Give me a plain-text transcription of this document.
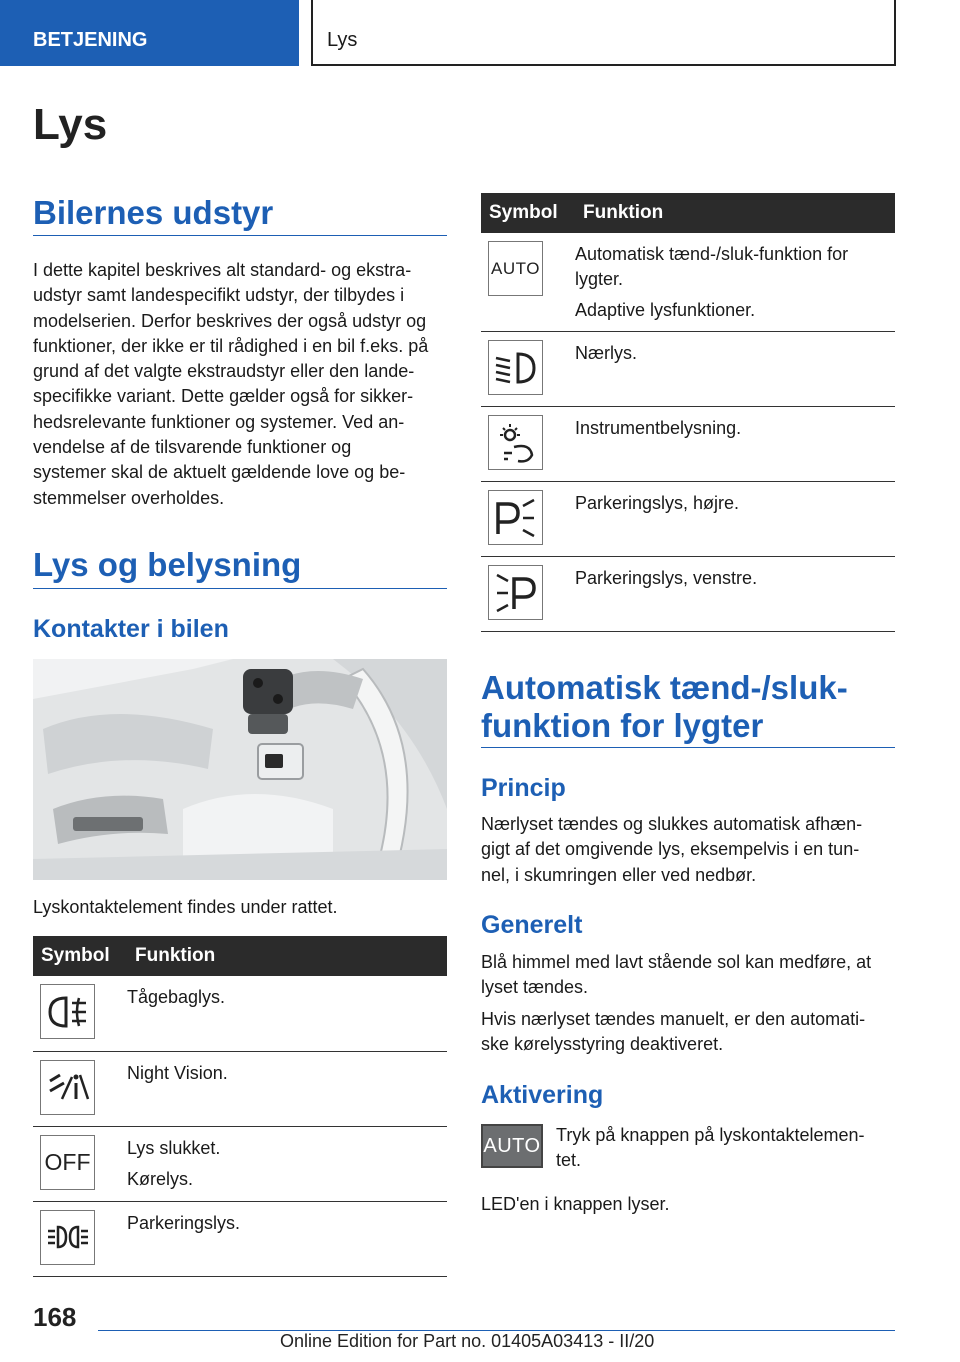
BETJENING	Lys
Lys
Bilernes udstyr

I dette kapitel beskrives alt standard- og ekstra-
udstyr samt landespecifikt udstyr, der tilbydes i
modelserien. Derfor beskrives der også udstyr og
funktioner, der ikke er til rådighed i en bil f.eks. på
grund af det valgte ekstraudstyr eller den lande-
specifikke variant. Dette gælder også for sikker-
hedsrelevante funktioner og systemer. Ved an-
vendelse af de tilsvarende funktioner og
systemer skal de aktuelt gældende love og be-
stemmelser overholdes.

Lys og belysning
Kontakter i bilen

Lyskontaktelement findes under rattet.

Symbol	Funktion

Tågebaglys.

Night Vision.

OFF	Lys slukket.
Kørelys.

Parkeringslys.
Symbol	Funktion

AUTO	Automatisk tænd-/sluk-funktion for lygter.
Adaptive lysfunktioner.

Nærlys.

Instrumentbelysning.

Parkeringslys, højre.

Parkeringslys, venstre.
Automatisk tænd-/sluk-
funktion for lygter
Princip

Nærlyset tændes og slukkes automatisk afhæn-
gigt af det omgivende lys, eksempelvis i en tun-
nel, i skumringen eller ved nedbør.

Generelt

Blå himmel med lavt stående sol kan medføre, at
lyset tændes.

Hvis nærlyset tændes manuelt, er den automati-
ske kørelysstyring deaktiveret.

Aktivering
AUTO Tryk på knappen på lyskontaktelemen-
tet.

LED'en i knappen lyser.

168
Online Edition for Part no. 01405A03413 - II/20
